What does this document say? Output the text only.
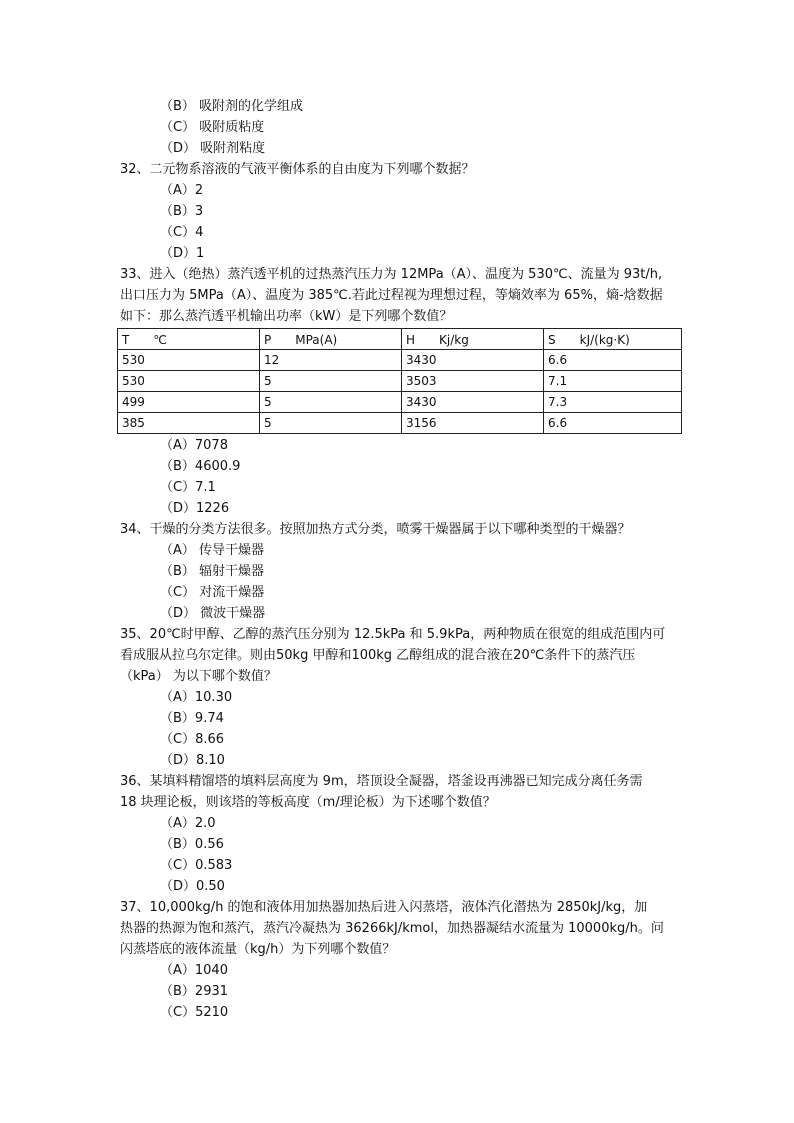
（B） 吸附剂的化学组成
（C） 吸附质粘度
（D） 吸附剂粘度
32、二元物系溶液的气液平衡体系的自由度为下列哪个数据？
（A）2
（B）3
（C）4
（D）1
33、进入（绝热）蒸汽透平机的过热蒸汽压力为 12MPa（A）、温度为 530℃、流量为 93t/h,
出口压力为 5MPa（A）、温度为 385℃.若此过程视为理想过程，等熵效率为 65%，熵-焓数据
如下：那么蒸汽透平机输出功率（kW）是下列哪个数值？
T　　℃	P　　MPa(A)	H　　Kj/kg	S　　kJ/(kg·K)
530	12	3430	6.6
530	5	3503	7.1
499	5	3430	7.3
385	5	3156	6.6
（A）7078
（B）4600.9
（C）7.1
（D）1226
34、干燥的分类方法很多。按照加热方式分类，喷雾干燥器属于以下哪种类型的干燥器？
（A） 传导干燥器
（B） 辐射干燥器
（C） 对流干燥器
（D） 微波干燥器
35、20℃时甲醇、乙醇的蒸汽压分别为 12.5kPa 和 5.9kPa，两种物质在很宽的组成范围内可
看成服从拉乌尔定律。则由50kg 甲醇和100kg 乙醇组成的混合液在20℃条件下的蒸汽压
（kPa） 为以下哪个数值？
（A）10.30
（B）9.74
（C）8.66
（D）8.10
36、某填料精馏塔的填料层高度为 9m，塔顶设全凝器，塔釜设再沸器已知完成分离任务需
18 块理论板，则该塔的等板高度（m/理论板）为下述哪个数值？
（A）2.0
（B）0.56
（C）0.583
（D）0.50
37、10,000kg/h 的饱和液体用加热器加热后进入闪蒸塔，液体汽化潜热为 2850kJ/kg，加
热器的热源为饱和蒸汽，蒸汽冷凝热为 36266kJ/kmol，加热器凝结水流量为 10000kg/h。问
闪蒸塔底的液体流量（kg/h）为下列哪个数值？
（A）1040
（B）2931
（C）5210
